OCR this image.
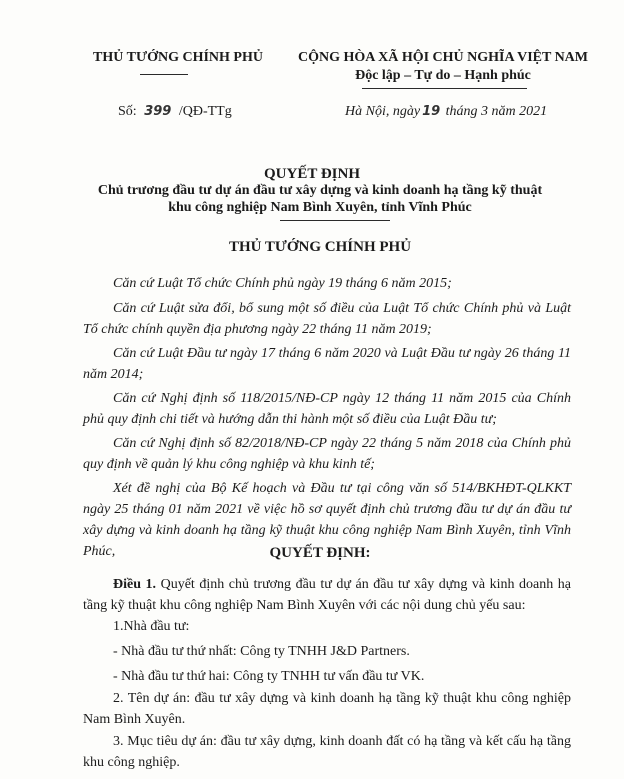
THỦ TƯỚNG CHÍNH PHỦ	CỘNG HÒA XÃ HỘI CHỦ NGHĨA VIỆT NAM
Độc lập – Tự do – Hạnh phúc
Số: 399 /QĐ-TTg	Hà Nội, ngày 19 tháng 3 năm 2021
QUYẾT ĐỊNH
Chủ trương đầu tư dự án đầu tư xây dựng và kinh doanh hạ tầng kỹ thuật
khu công nghiệp Nam Bình Xuyên, tỉnh Vĩnh Phúc
THỦ TƯỚNG CHÍNH PHỦ
Căn cứ Luật Tổ chức Chính phủ ngày 19 tháng 6 năm 2015;
Căn cứ Luật sửa đổi, bổ sung một số điều của Luật Tổ chức Chính phủ và Luật Tổ chức chính quyền địa phương ngày 22 tháng 11 năm 2019;
Căn cứ Luật Đầu tư ngày 17 tháng 6 năm 2020 và Luật Đầu tư ngày 26 tháng 11 năm 2014;
Căn cứ Nghị định số 118/2015/NĐ-CP ngày 12 tháng 11 năm 2015 của Chính phủ quy định chi tiết và hướng dẫn thi hành một số điều của Luật Đầu tư;
Căn cứ Nghị định số 82/2018/NĐ-CP ngày 22 tháng 5 năm 2018 của Chính phủ quy định về quản lý khu công nghiệp và khu kinh tế;
Xét đề nghị của Bộ Kế hoạch và Đầu tư tại công văn số 514/BKHĐT-QLKKT ngày 25 tháng 01 năm 2021 về việc hồ sơ quyết định chủ trương đầu tư dự án đầu tư xây dựng và kinh doanh hạ tầng kỹ thuật khu công nghiệp Nam Bình Xuyên, tỉnh Vĩnh Phúc,	QUYẾT ĐỊNH:
Điều 1. Quyết định chủ trương đầu tư dự án đầu tư xây dựng và kinh doanh hạ tầng kỹ thuật khu công nghiệp Nam Bình Xuyên với các nội dung chủ yếu sau:
1.Nhà đầu tư:
- Nhà đầu tư thứ nhất: Công ty TNHH J&D Partners.
- Nhà đầu tư thứ hai: Công ty TNHH tư vấn đầu tư VK.
2. Tên dự án: đầu tư xây dựng và kinh doanh hạ tầng kỹ thuật khu công nghiệp Nam Bình Xuyên.
3. Mục tiêu dự án: đầu tư xây dựng, kinh doanh đất có hạ tầng và kết cấu hạ tầng khu công nghiệp.
